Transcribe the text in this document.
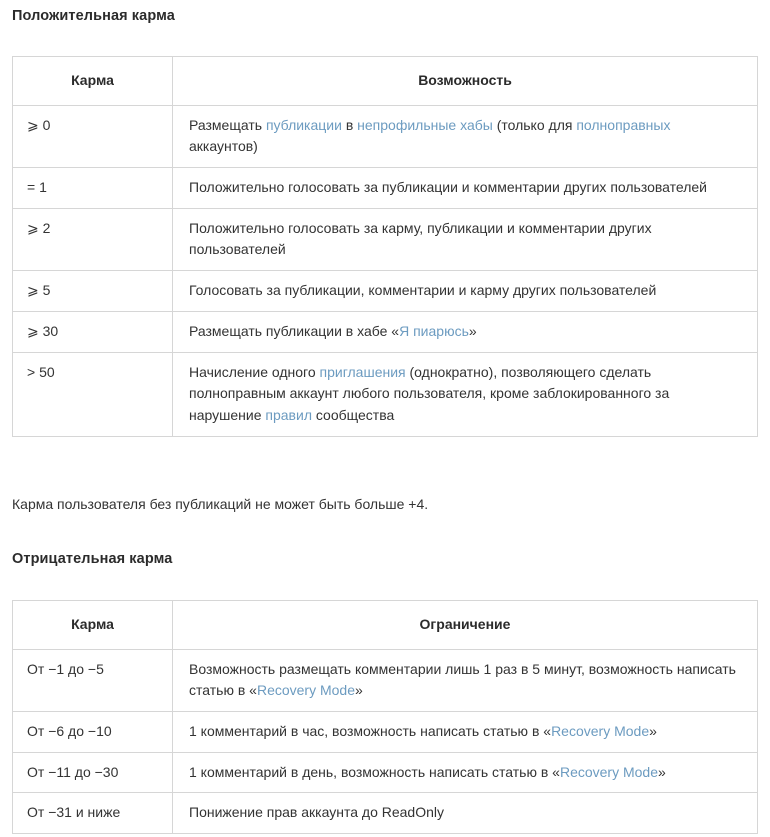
Положительная карма
Карма	Возможность
⩾ 0	Размещать публикации в непрофильные хабы (только для полноправных аккаунтов)
= 1	Положительно голосовать за публикации и комментарии других пользователей
⩾ 2	Положительно голосовать за карму, публикации и комментарии других пользователей
⩾ 5	Голосовать за публикации, комментарии и карму других пользователей
⩾ 30	Размещать публикации в хабе «Я пиарюсь»
> 50	Начисление одного приглашения (однократно), позволяющего сделать полноправным аккаунт любого пользователя, кроме заблокированного за нарушение правил сообщества

Карма пользователя без публикаций не может быть больше +4.

Отрицательная карма
Карма	Ограничение
От −1 до −5	Возможность размещать комментарии лишь 1 раз в 5 минут, возможность написать статью в «Recovery Mode»
От −6 до −10	1 комментарий в час, возможность написать статью в «Recovery Mode»
От −11 до −30	1 комментарий в день, возможность написать статью в «Recovery Mode»
От −31 и ниже	Понижение прав аккаунта до ReadOnly
